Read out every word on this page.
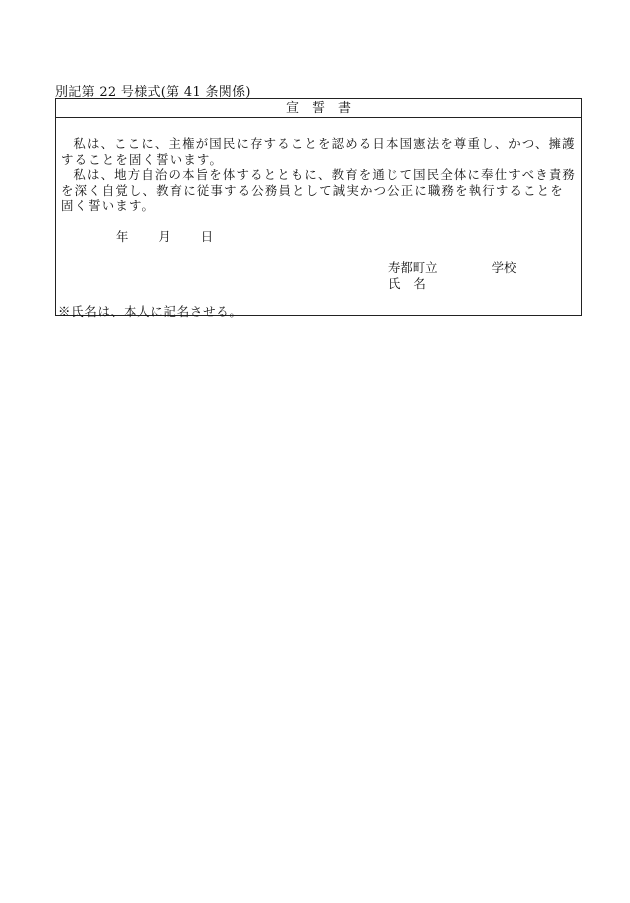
別記第 22 号様式(第 41 条関係)
宣誓書

私は、ここに、主権が国民に存することを認める日本国憲法を尊重し、かつ、擁護することを固く誓います。

私は、地方自治の本旨を体するとともに、教育を通じて国民全体に奉仕すべき責務を深く自覚し、教育に従事する公務員として誠実かつ公正に職務を執行することを固く誓います。

年 月 日
寿都町立	学校
氏名
※氏名は、本人に記名させる。
